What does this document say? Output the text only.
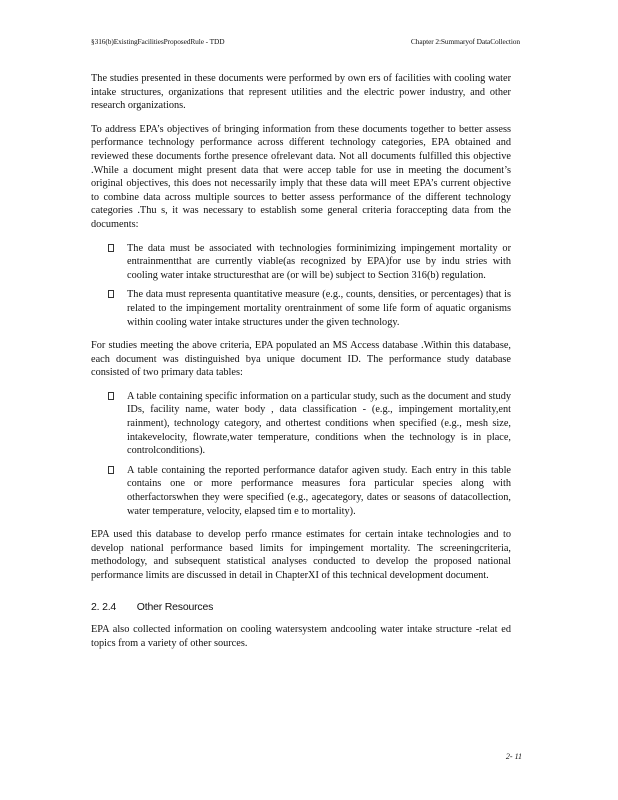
§316(b)ExistingFacilitiesProposedRule - TDD	Chapter 2:Summaryof DataCollection

The studies presented in these documents were performed by own ers of facilities with cooling water intake structures, organizations that represent utilities and the electric power industry, and other research organizations.

To address EPA’s objectives of bringing information from these documents together to better assess performance technology performance across different technology categories, EPA obtained and reviewed these documents forthe presence ofrelevant data. Not all documents fulfilled this objective .While a document might present data that were accep table for use in meeting the document’s original objectives, this does not necessarily imply that these data will meet EPA’s current objective to combine data across multiple sources to better assess performance of the different technology categories .Thu s, it was necessary to establish some general criteria foraccepting data from the documents:

The data must be associated with technologies forminimizing impingement mortality or entrainmentthat are currently viable(as recognized by EPA)for use by indu stries with cooling water intake structuresthat are (or will be) subject to Section 316(b) regulation.
The data must representa quantitative measure (e.g., counts, densities, or percentages) that is related to the impingement mortality orentrainment of some life form of aquatic organisms within cooling water intake structures under the given technology.

For studies meeting the above criteria, EPA populated an MS Access database .Within this database, each document was distinguished bya unique document ID. The performance study database consisted of two primary data tables:

A table containing specific information on a particular study, such as the document and study IDs, facility name, water body , data classification - (e.g., impingement mortality,ent rainment), technology category, and othertest conditions when specified (e.g., mesh size, intakevelocity, flowrate,water temperature, conditions when the technology is in place, controlconditions).
A table containing the reported performance datafor agiven study. Each entry in this table contains one or more performance measures fora particular species along with otherfactorswhen they were specified (e.g., agecategory, dates or seasons of datacollection, water temperature, velocity, elapsed tim e to mortality).

EPA used this database to develop perfo rmance estimates for certain intake technologies and to develop national performance based limits for impingement mortality. The screeningcriteria, methodology, and subsequent statistical analyses conducted to develop the proposed national performance limits are discussed in detail in ChapterXI of this technical development document.

2. 2.4 Other Resources

EPA also collected information on cooling watersystem andcooling water intake structure -relat ed topics from a variety of other sources.

2- 11
